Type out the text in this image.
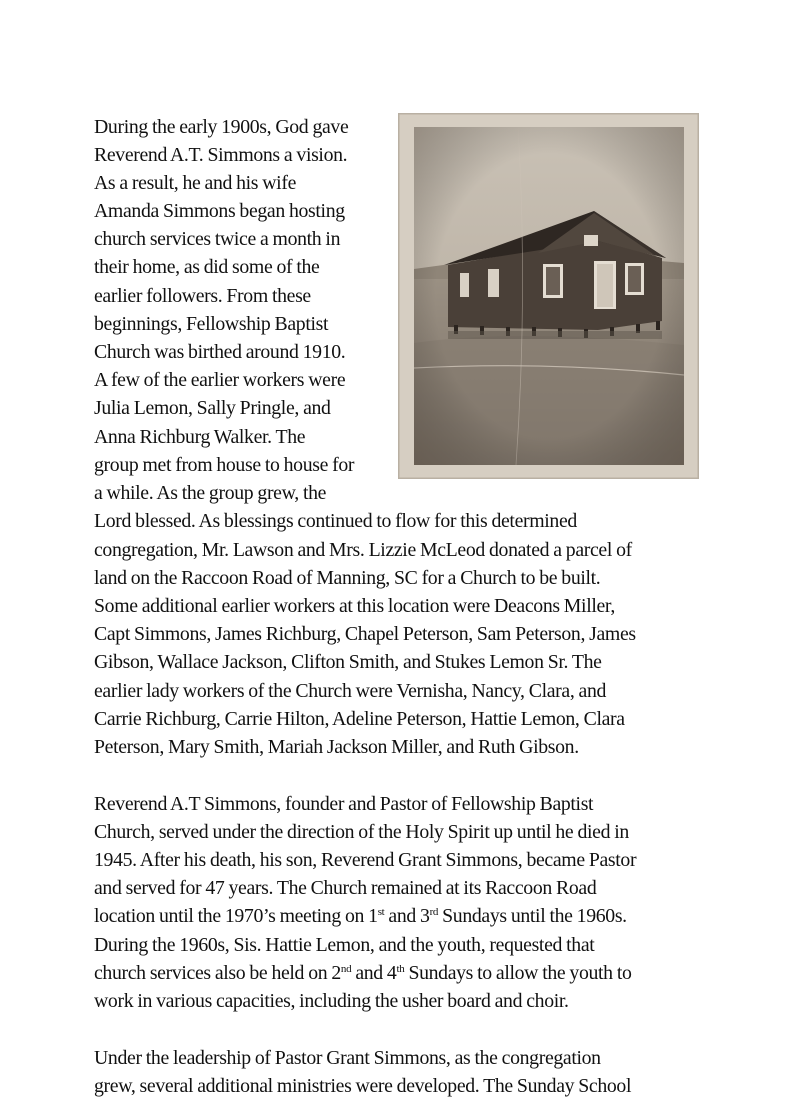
During the early 1900s, God gave
Reverend A.T. Simmons a vision.
As a result, he and his wife
Amanda Simmons began hosting
church services twice a month in
their home, as did some of the
earlier followers. From these
beginnings, Fellowship Baptist
Church was birthed around 1910.
A few of the earlier workers were
Julia Lemon, Sally Pringle, and
Anna Richburg Walker. The
group met from house to house for
a while. As the group grew, the
Lord blessed. As blessings continued to flow for this determined
congregation, Mr. Lawson and Mrs. Lizzie McLeod donated a parcel of
land on the Raccoon Road of Manning, SC for a Church to be built.
Some additional earlier workers at this location were Deacons Miller,
Capt Simmons, James Richburg, Chapel Peterson, Sam Peterson, James
Gibson, Wallace Jackson, Clifton Smith, and Stukes Lemon Sr. The
earlier lady workers of the Church were Vernisha, Nancy, Clara, and
Carrie Richburg, Carrie Hilton, Adeline Peterson, Hattie Lemon, Clara
Peterson, Mary Smith, Mariah Jackson Miller, and Ruth Gibson.
Reverend A.T Simmons, founder and Pastor of Fellowship Baptist
Church, served under the direction of the Holy Spirit up until he died in
1945. After his death, his son, Reverend Grant Simmons, became Pastor
and served for 47 years. The Church remained at its Raccoon Road
location until the 1970’s meeting on 1st and 3rd Sundays until the 1960s.
During the 1960s, Sis. Hattie Lemon, and the youth, requested that
church services also be held on 2nd and 4th Sundays to allow the youth to
work in various capacities, including the usher board and choir.
Under the leadership of Pastor Grant Simmons, as the congregation
grew, several additional ministries were developed. The Sunday School
